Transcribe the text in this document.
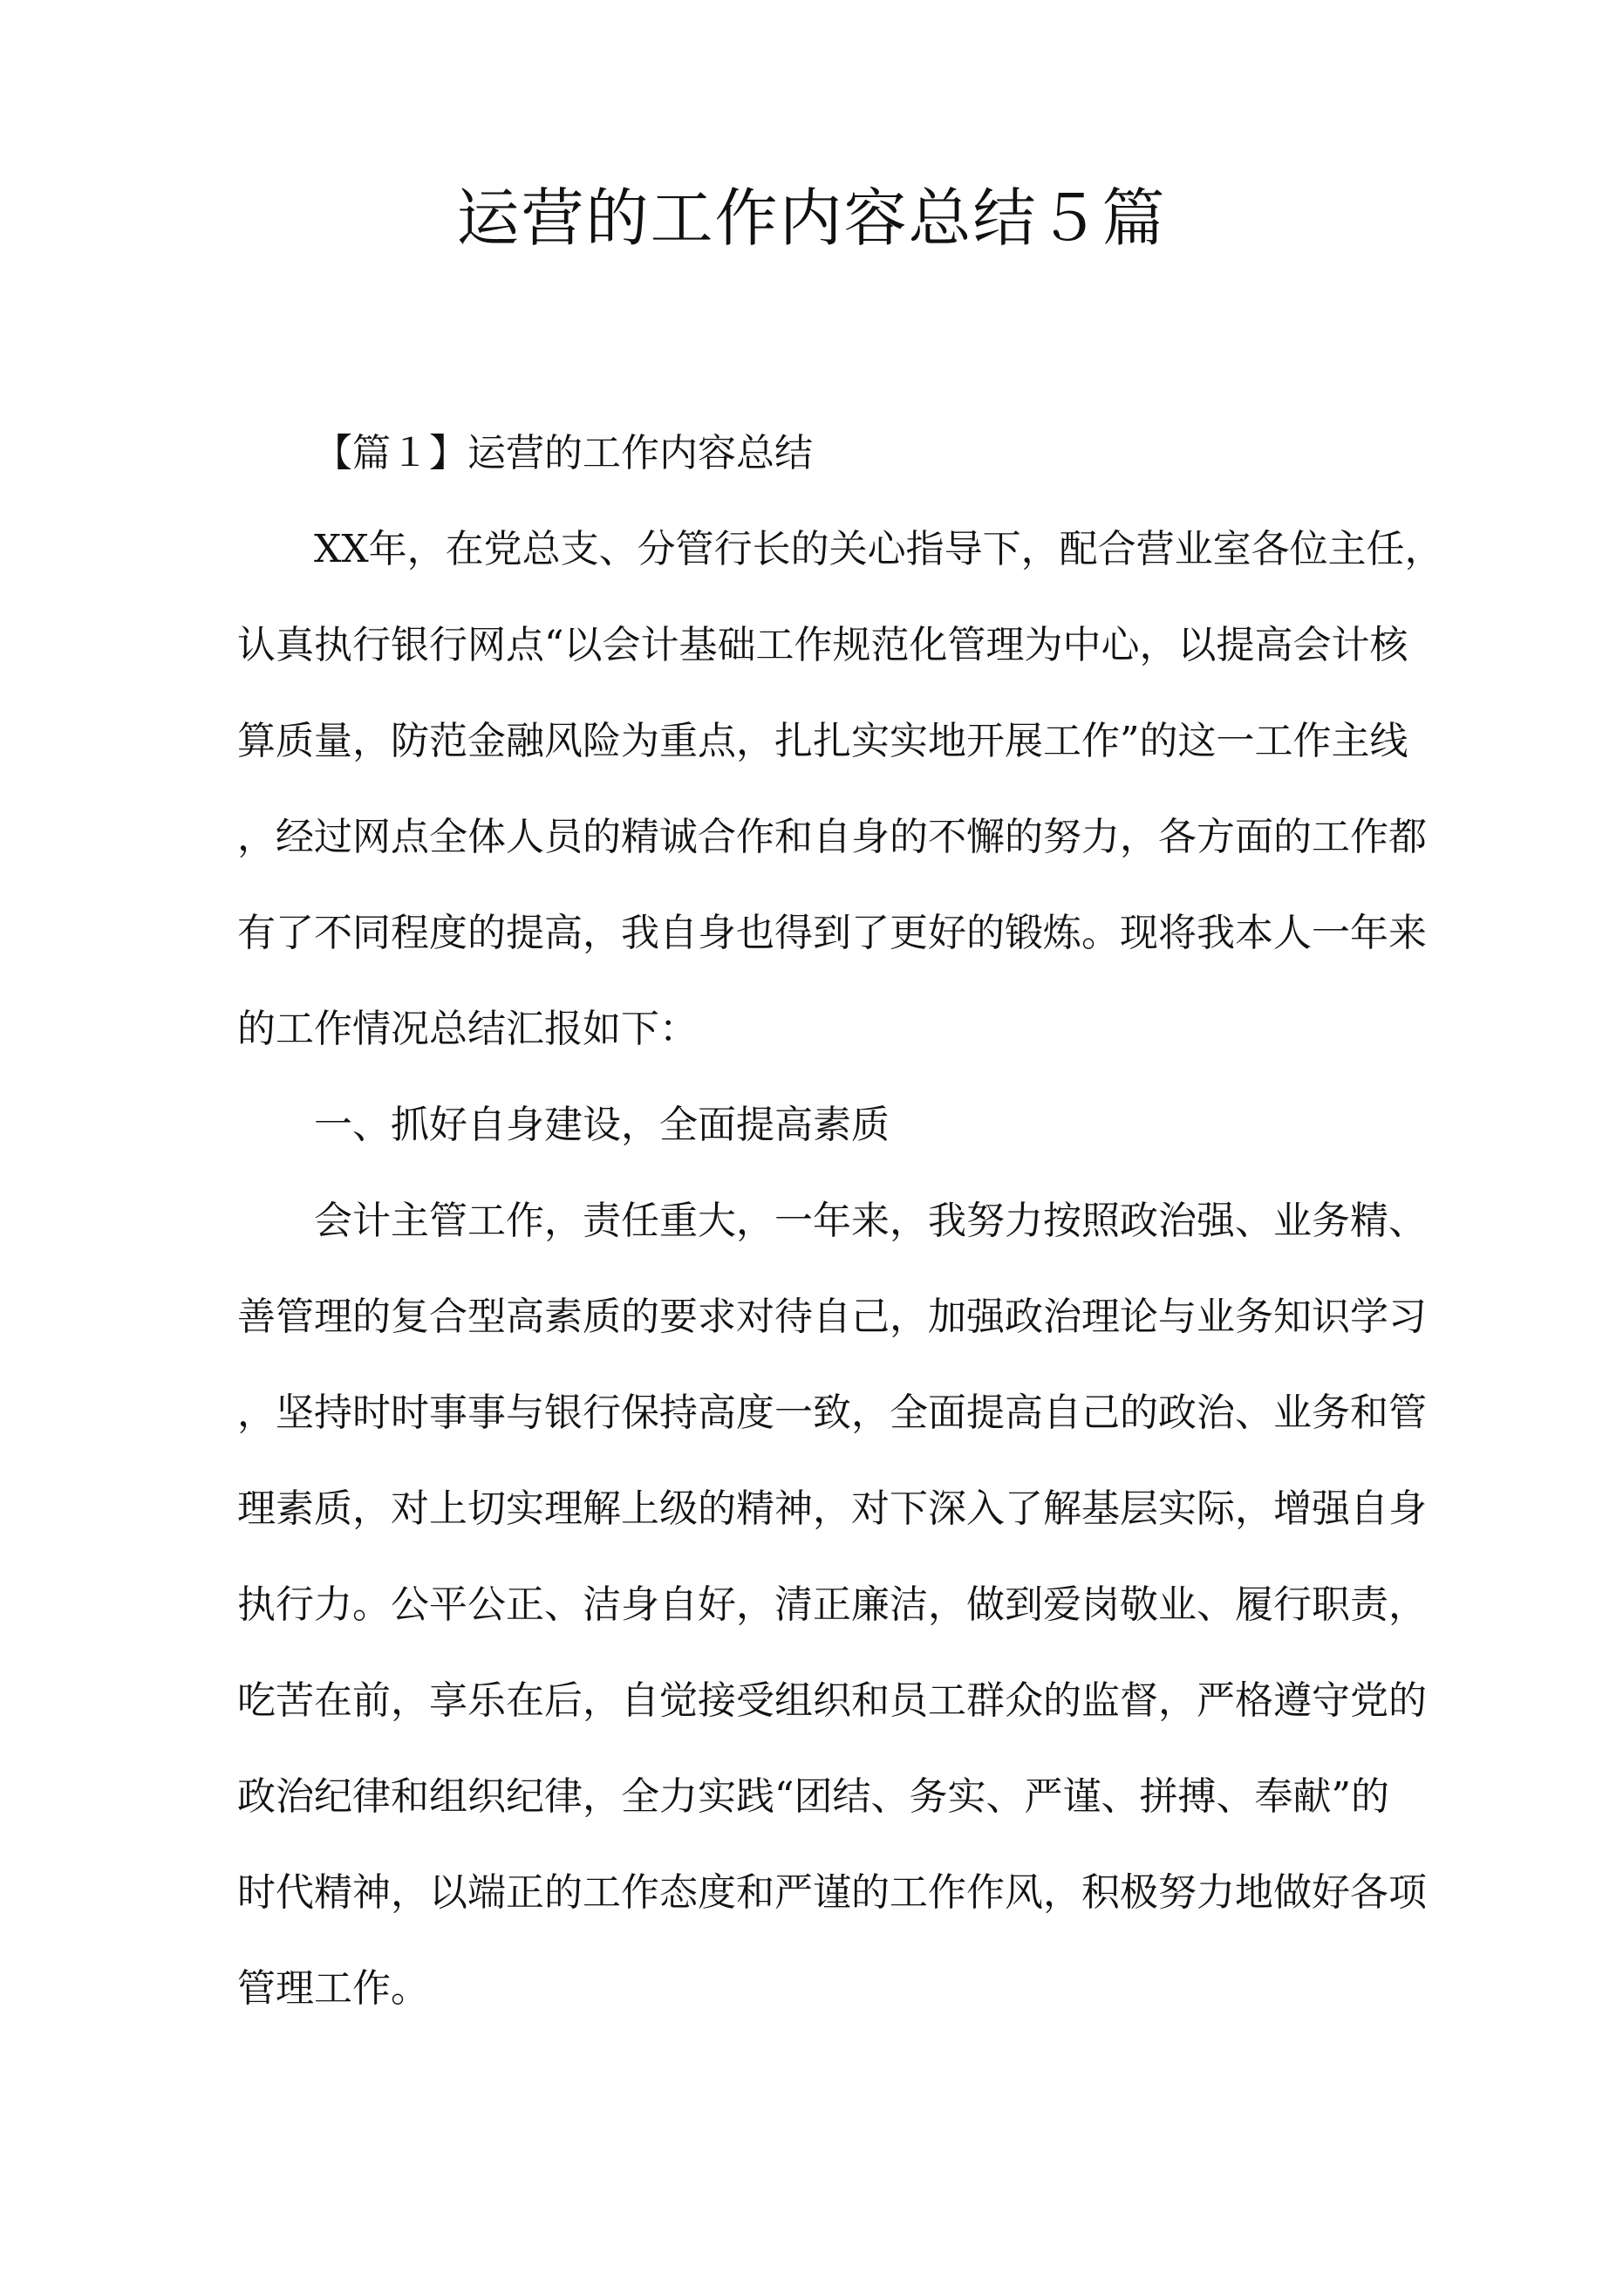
运营的工作内容总结５篇
【篇１】运营的工作内容总结
XX年，在党总支、分管行长的关心指导下，配合营业室各位主任，
认真执行银行网点“以会计基础工作规范化管理为中心，以提高会计核
算质量，防范金融风险为重点，扎扎实实地开展工作”的这一工作主线
，经过网点全体人员的精诚合作和自身的不懈的努力，各方面的工作都
有了不同程度的提高，我自身也得到了更好的锻炼。现将我本人一年来
的工作情况总结汇报如下：
一、抓好自身建设，全面提高素质
会计主管工作，责任重大，一年来，我努力按照政治强、业务精、
善管理的复合型高素质的要求对待自己，加强政治理论与业务知识学习
，坚持时时事事与银行保持高度一致，全面提高自己的政治、业务和管
理素质，对上切实理解上级的精神，对下深入了解基层实际，增强自身
执行力。公平公正、洁身自好，清正廉洁，做到爱岗敬业、履行职责，
吃苦在前，享乐在后，自觉接受组织和员工群众的监督，严格遵守党的
政治纪律和组织纪律，全力实践“团结、务实、严谨、拼搏、奉献”的
时代精神，以端正的工作态度和严谨的工作作风，积极努力地做好各项
管理工作。
